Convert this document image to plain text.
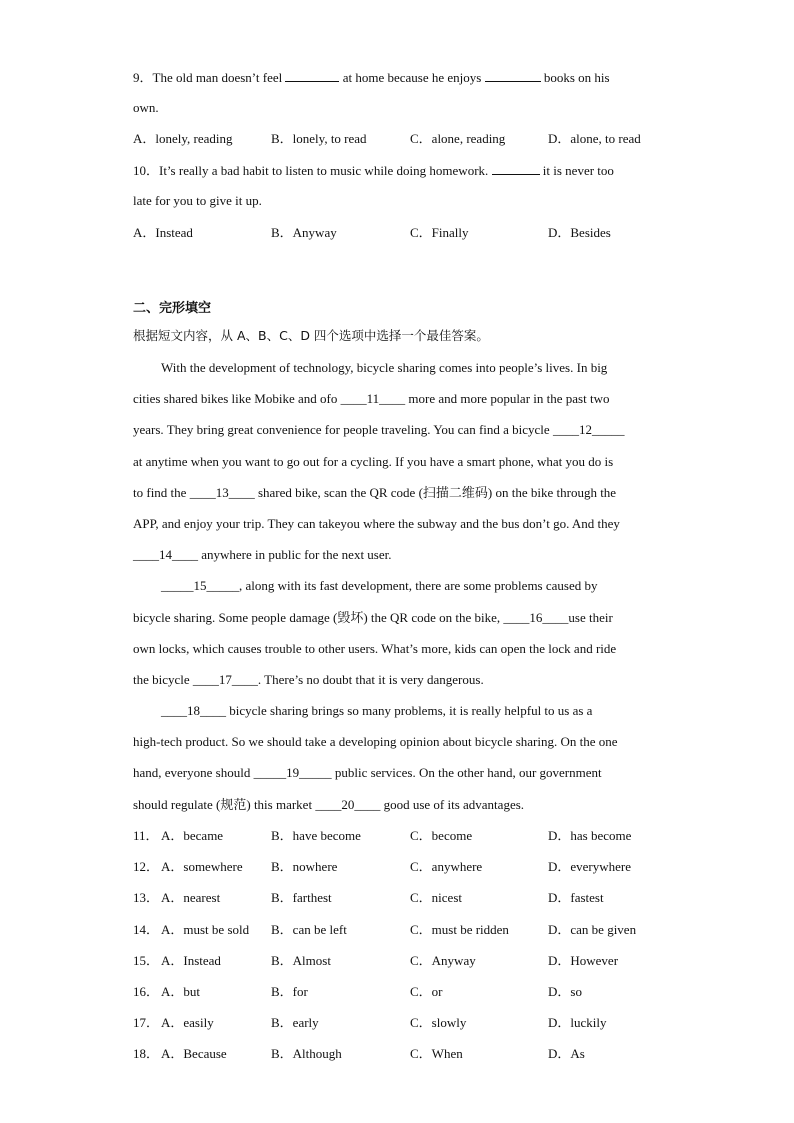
9．The old man doesn’t feel	at home because he enjoys	books on his
own.
A．lonely, reading	B．lonely, to read	C．alone, reading	D．alone, to read
10．It’s really a bad habit to listen to music while doing homework.	it is never too
late for you to give it up.
A．Instead	B．Anyway	C．Finally	D．Besides
二、完形填空
根据短文内容，从 A、B、C、D 四个选项中选择一个最佳答案。
With the development of technology, bicycle sharing comes into people’s lives. In big
cities shared bikes like Mobike and ofo ____11____ more and more popular in the past two
years. They bring great convenience for people traveling. You can find a bicycle ____12_____
at anytime when you want to go out for a cycling. If you have a smart phone, what you do is
to find the ____13____ shared bike, scan the QR code (扫描二维码) on the bike through the
APP, and enjoy your trip. They can takeyou where the subway and the bus don’t go. And they
____14____ anywhere in public for the next user.
_____15_____, along with its fast development, there are some problems caused by
bicycle sharing. Some people damage (毁坏) the QR code on the bike, ____16____use their
own locks, which causes trouble to other users. What’s more, kids can open the lock and ride
the bicycle ____17____. There’s no doubt that it is very dangerous.
____18____ bicycle sharing brings so many problems, it is really helpful to us as a
high-tech product. So we should take a developing opinion about bicycle sharing. On the one
hand, everyone should _____19_____ public services. On the other hand, our government
should regulate (规范) this market ____20____ good use of its advantages.
11． A．became	B．have become	C．become	D．has become
12． A．somewhere B．nowhere	C．anywhere	D．everywhere
13． A．nearest	B．farthest	C．nicest	D．fastest
14． A．must be sold B．can be left	C．must be ridden	D．can be given
15． A．Instead	B．Almost	C．Anyway	D．However
16． A．but	B．for	C．or	D．so
17． A．easily	B．early	C．slowly	D．luckily
18． A．Because	B．Although	C．When	D．As
